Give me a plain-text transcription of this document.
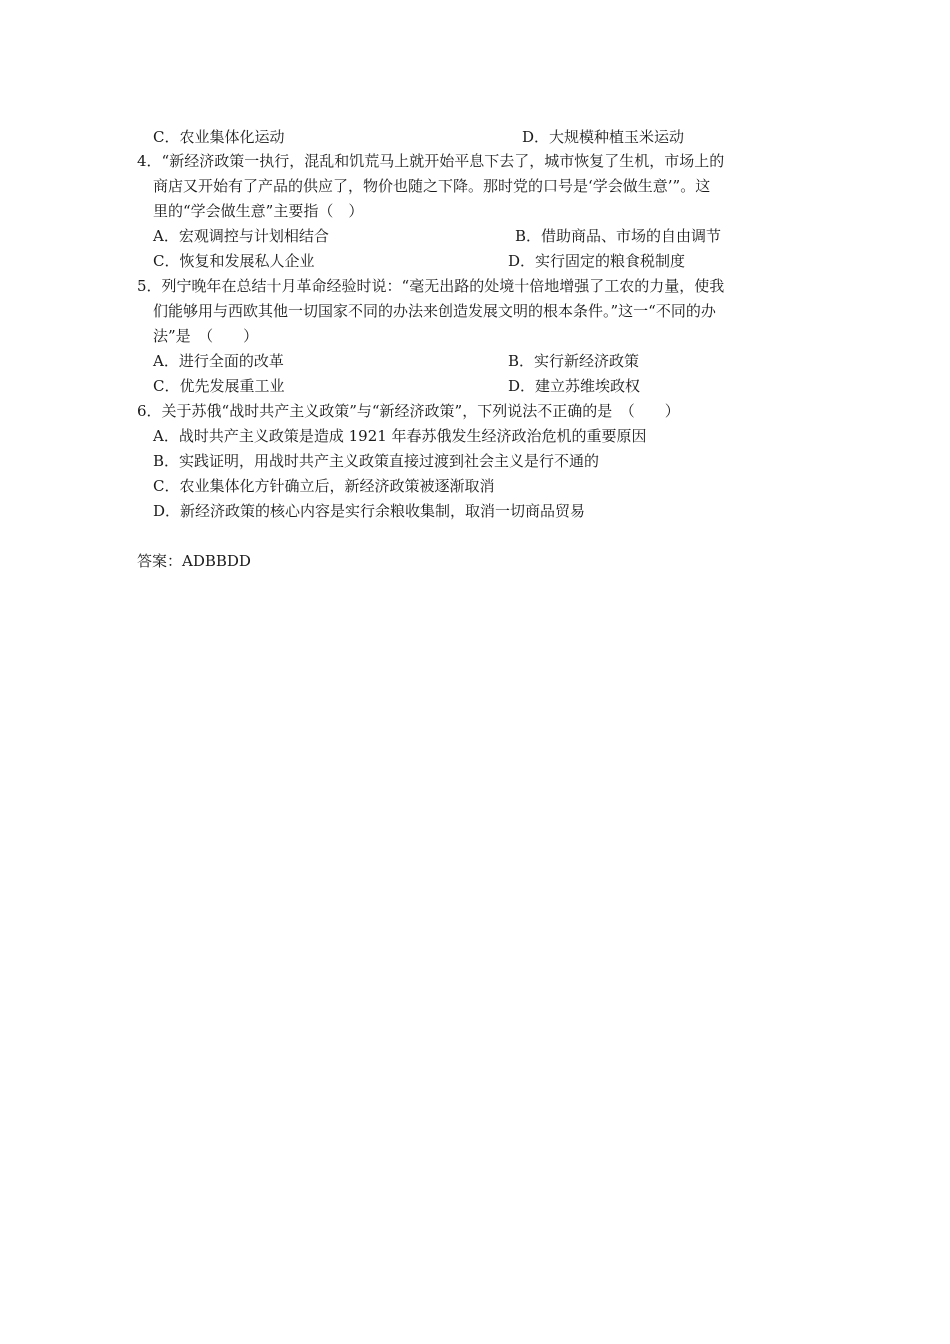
C．农业集体化运动	D．大规模种植玉米运动
4．“新经济政策一执行，混乱和饥荒马上就开始平息下去了，城市恢复了生机，市场上的
商店又开始有了产品的供应了，物价也随之下降。那时党的口号是‘学会做生意’”。这
里的“学会做生意”主要指（　）
A．宏观调控与计划相结合	B．借助商品、市场的自由调节
C．恢复和发展私人企业	D．实行固定的粮食税制度
5．列宁晚年在总结十月革命经验时说：“毫无出路的处境十倍地增强了工农的力量，使我
们能够用与西欧其他一切国家不同的办法来创造发展文明的根本条件。”这一“不同的办
法”是　（　　）
A．进行全面的改革	B．实行新经济政策
C．优先发展重工业	D．建立苏维埃政权
6．关于苏俄“战时共产主义政策”与“新经济政策”，下列说法不正确的是　（　　）
A．战时共产主义政策是造成 1921 年春苏俄发生经济政治危机的重要原因
B．实践证明，用战时共产主义政策直接过渡到社会主义是行不通的
C．农业集体化方针确立后，新经济政策被逐渐取消
D．新经济政策的核心内容是实行余粮收集制，取消一切商品贸易
答案：ADBBDD
